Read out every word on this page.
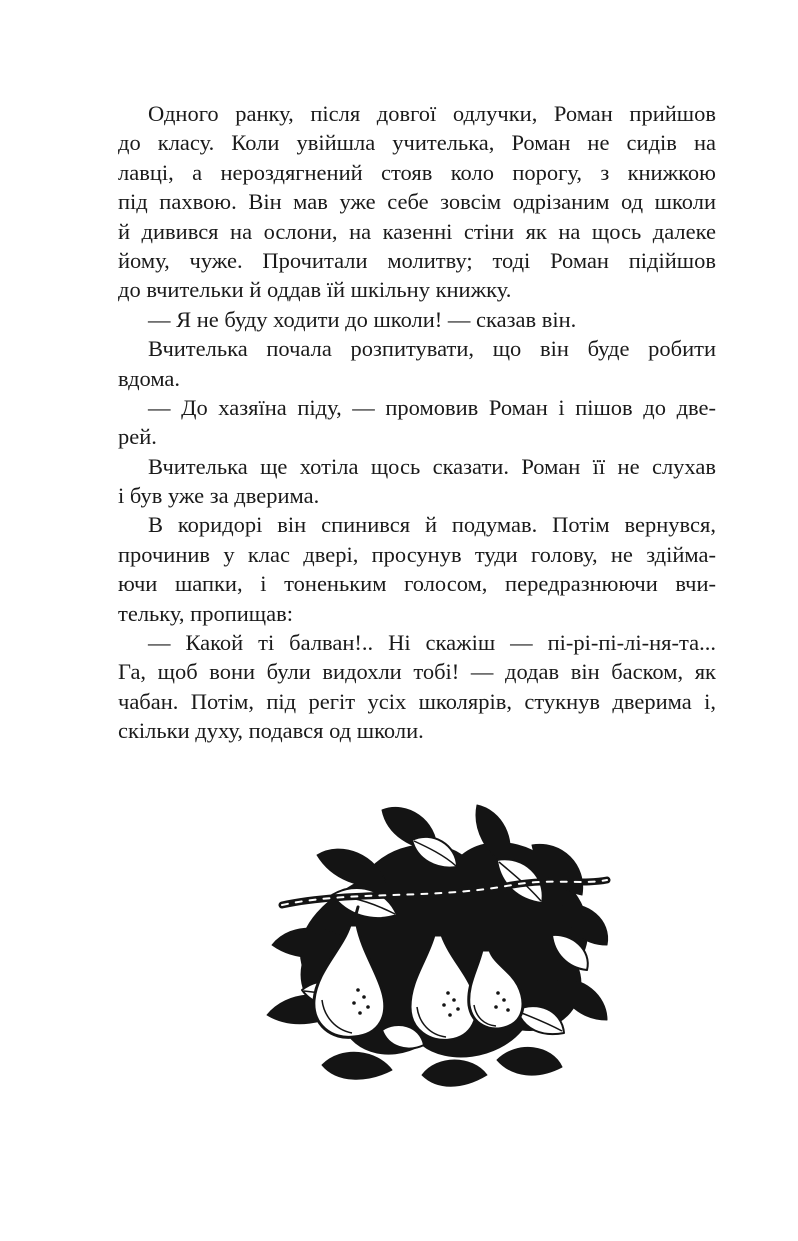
Одного ранку, після довгої одлучки, Роман прийшов
до класу. Коли увійшла учителька, Роман не сидів на
лавці, а нероздягнений стояв коло порогу, з книжкою
під пахвою. Він мав уже себе зовсім одрізаним од школи
й дивився на ослони, на казенні стіни як на щось далеке
йому, чуже. Прочитали молитву; тоді Роман підійшов
до вчительки й оддав їй шкільну книжку.
— Я не буду ходити до школи! — сказав він.
Вчителька почала розпитувати, що він буде робити
вдома.
— До хазяїна піду, — промовив Роман і пішов до две-
рей.
Вчителька ще хотіла щось сказати. Роман її не слухав
і був уже за дверима.
В коридорі він спинився й подумав. Потім вернувся,
прочинив у клас двері, просунув туди голову, не здійма-
ючи шапки, і тоненьким голосом, передразнюючи вчи-
тельку, пропищав:
— Какой ті балван!.. Ні скажіш — пі-рі-пі-лі-ня-та...
Га, щоб вони були видохли тобі! — додав він баском, як
чабан. Потім, під регіт усіх школярів, стукнув дверима і,
скільки духу, подався од школи.
